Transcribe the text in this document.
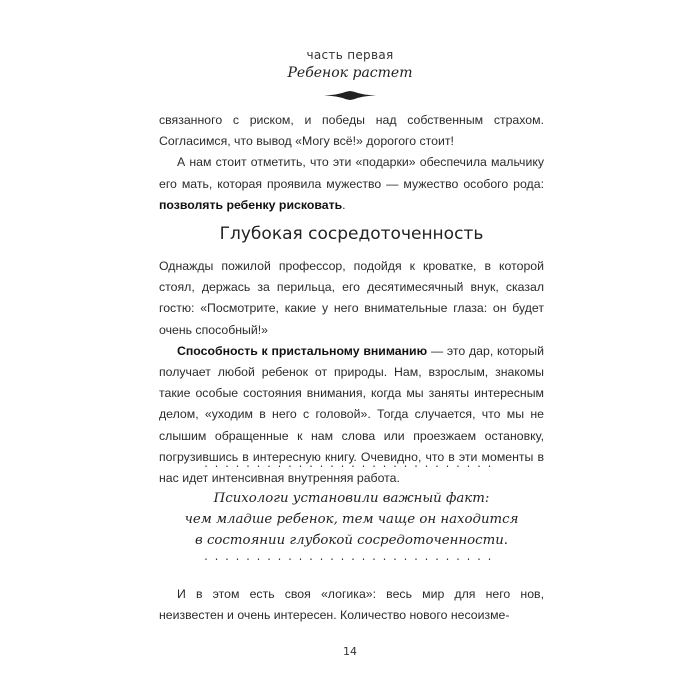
часть первая
Ребенок растет

связанного с риском, и победы над собственным страхом. Согласимся, что вывод «Могу всё!» дорогого стоит!

А нам стоит отметить, что эти «подарки» обеспечила мальчику его мать, которая проявила мужество — мужество особого рода: позволять ребенку рисковать.

Глубокая сосредоточенность

Однажды пожилой профессор, подойдя к кроватке, в которой стоял, держась за перильца, его десятимесячный внук, сказал гостю: «Посмотрите, какие у него внимательные глаза: он будет очень способный!»

Способность к пристальному вниманию — это дар, который получает любой ребенок от природы. Нам, взрослым, знакомы такие особые состояния внимания, когда мы заняты интересным делом, «уходим в него с головой». Тогда случается, что мы не слышим обращенные к нам слова или проезжаем остановку, погрузившись в интересную книгу. Очевидно, что в эти моменты в нас идет интенсивная внутренняя работа.

····························
Психологи установили важный факт:
чем младше ребенок, тем чаще он находится
в состоянии глубокой сосредоточенности.
····························

И в этом есть своя «логика»: весь мир для него нов, неизвестен и очень интересен. Количество нового несоизме-

14
